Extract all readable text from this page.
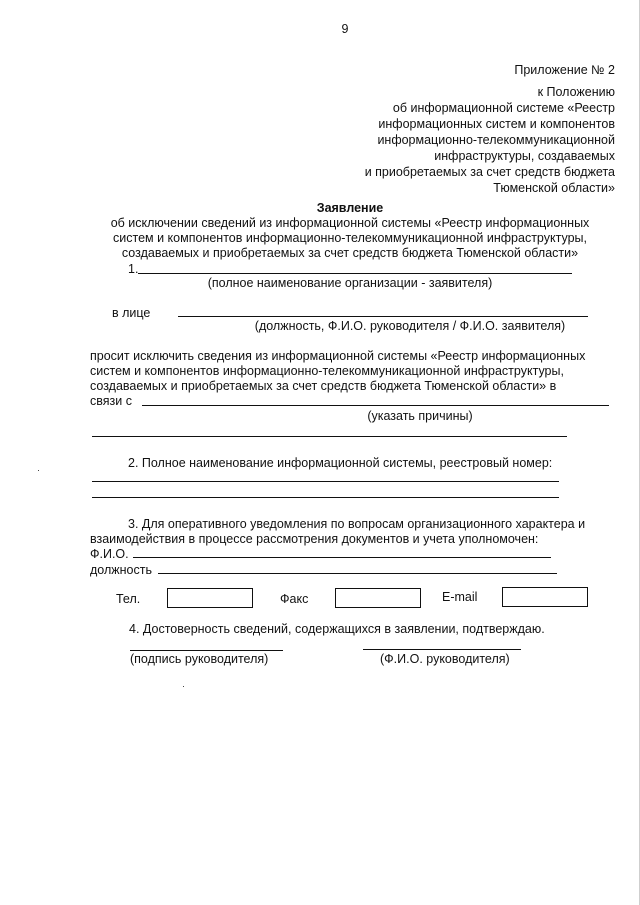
9
Приложение № 2
к Положению
об информационной системе «Реестр
информационных систем и компонентов
информационно-телекоммуникационной
инфраструктуры, создаваемых
и приобретаемых за счет средств бюджета
Тюменской области»
Заявление
об исключении сведений из информационной системы «Реестр информационных
систем и компонентов информационно-телекоммуникационной инфраструктуры,
создаваемых и приобретаемых за счет средств бюджета Тюменской области»
1.
(полное наименование организации - заявителя)
в лице
(должность, Ф.И.О. руководителя / Ф.И.О. заявителя)
просит исключить сведения из информационной системы «Реестр информационных
систем и компонентов информационно-телекоммуникационной инфраструктуры,
создаваемых и приобретаемых за счет средств бюджета Тюменской области» в
связи с
(указать причины)
2. Полное наименование информационной системы, реестровый номер:
3. Для оперативного уведомления по вопросам организационного характера и
взаимодействия в процессе рассмотрения документов и учета уполномочен:
Ф.И.О.
должность
Тел.	Факс	E-mail
4. Достоверность сведений, содержащихся в заявлении, подтверждаю.
(подпись руководителя)	(Ф.И.О. руководителя)
